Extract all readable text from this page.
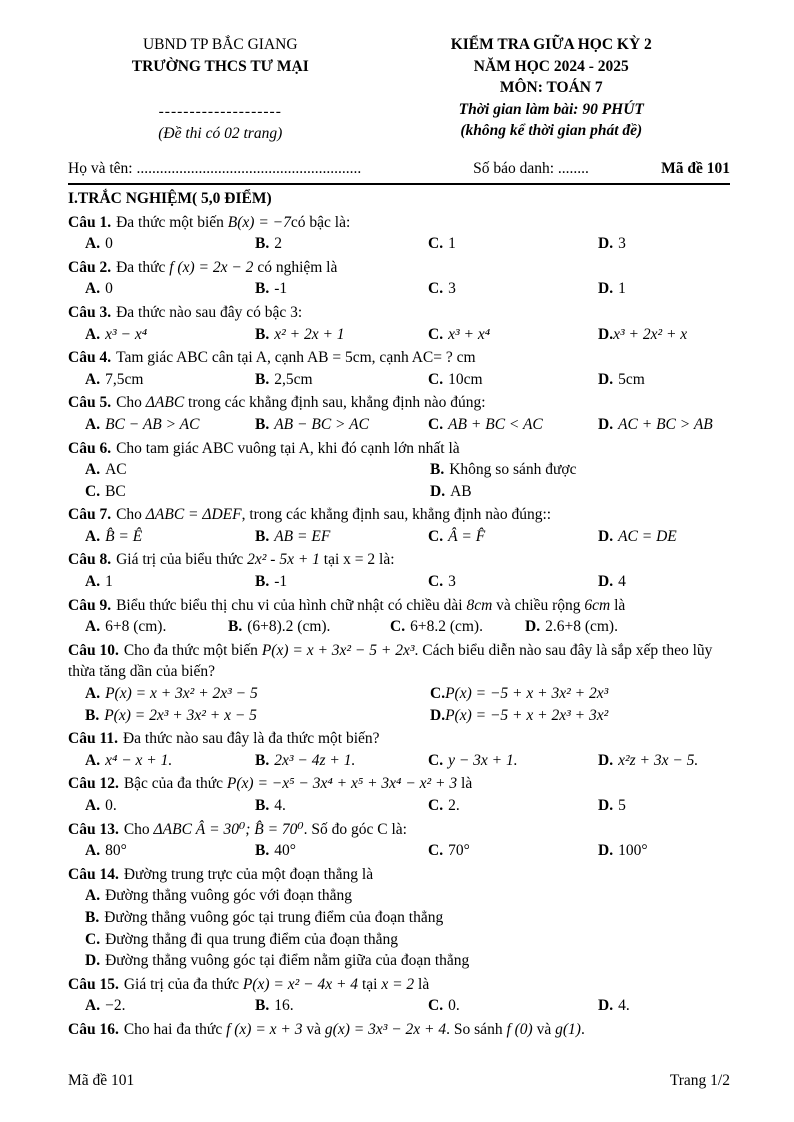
UBND TP BẮC GIANG
TRƯỜNG THCS TƯ MẠI
--------------------
(Đề thi có 02 trang)
KIỂM TRA GIỮA HỌC KỲ 2
NĂM HỌC 2024 - 2025
MÔN: TOÁN 7
Thời gian làm bài: 90 PHÚT
(không kể thời gian phát đề)
Họ và tên: ..........................................................	Số báo danh: ........	Mã đề 101
I.TRẮC NGHIỆM( 5,0 ĐIỂM)
Câu 1. Đa thức một biến B(x) = −7có bậc là:
A. 0	B. 2	C. 1	D. 3
Câu 2. Đa thức f (x) = 2x − 2 có nghiệm là
A. 0	B. -1	C. 3	D. 1
Câu 3. Đa thức nào sau đây có bậc 3:
A. x³ − x⁴	B. x² + 2x + 1	C. x³ + x⁴	D.x³ + 2x² + x
Câu 4. Tam giác ABC cân tại A, cạnh AB = 5cm, cạnh AC= ? cm
A. 7,5cm	B. 2,5cm	C. 10cm	D. 5cm
Câu 5. Cho ΔABC trong các khẳng định sau, khẳng định nào đúng:
A. BC − AB > AC	B. AB − BC > AC	C. AB + BC < AC	D. AC + BC > AB
Câu 6. Cho tam giác ABC vuông tại A, khi đó cạnh lớn nhất là
A. AC	B. Không so sánh được
C. BC	D. AB
Câu 7. Cho ΔABC = ΔDEF, trong các khẳng định sau, khẳng định nào đúng::
A. B̂ = Ê	B. AB = EF	C. Â = F̂	D. AC = DE
Câu 8. Giá trị của biểu thức 2x² - 5x + 1 tại x = 2 là:
A. 1	B. -1	C. 3	D. 4
Câu 9. Biểu thức biểu thị chu vi của hình chữ nhật có chiều dài 8cm và chiều rộng 6cm là
A. 6+8 (cm).	B. (6+8).2 (cm).	C. 6+8.2 (cm).	D. 2.6+8 (cm).
Câu 10. Cho đa thức một biến P(x) = x + 3x² − 5 + 2x³. Cách biểu diễn nào sau đây là sắp xếp theo lũy thừa tăng dần của biến?
A. P(x) = x + 3x² + 2x³ − 5	C.P(x) = −5 + x + 3x² + 2x³
B. P(x) = 2x³ + 3x² + x − 5	D.P(x) = −5 + x + 2x³ + 3x²
Câu 11. Đa thức nào sau đây là đa thức một biến?
A. x⁴ − x + 1.	B. 2x³ − 4z + 1.	C. y − 3x + 1.	D. x²z + 3x − 5.
Câu 12. Bậc của đa thức P(x) = −x⁵ − 3x⁴ + x⁵ + 3x⁴ − x² + 3 là
A. 0.	B. 4.	C. 2.	D. 5
Câu 13. Cho ΔABC Â = 30⁰; B̂ = 70⁰. Số đo góc C là:
A. 80°	B. 40°	C. 70°	D. 100°
Câu 14. Đường trung trực của một đoạn thẳng là
A. Đường thẳng vuông góc với đoạn thẳng
B. Đường thẳng vuông góc tại trung điểm của đoạn thẳng
C. Đường thẳng đi qua trung điểm của đoạn thẳng
D. Đường thẳng vuông góc tại điểm nằm giữa của đoạn thẳng
Câu 15. Giá trị của đa thức P(x) = x² − 4x + 4 tại x = 2 là
A. −2.	B. 16.	C. 0.	D. 4.
Câu 16. Cho hai đa thức f (x) = x + 3 và g(x) = 3x³ − 2x + 4. So sánh f (0) và g(1).
Mã đề 101	Trang 1/2
